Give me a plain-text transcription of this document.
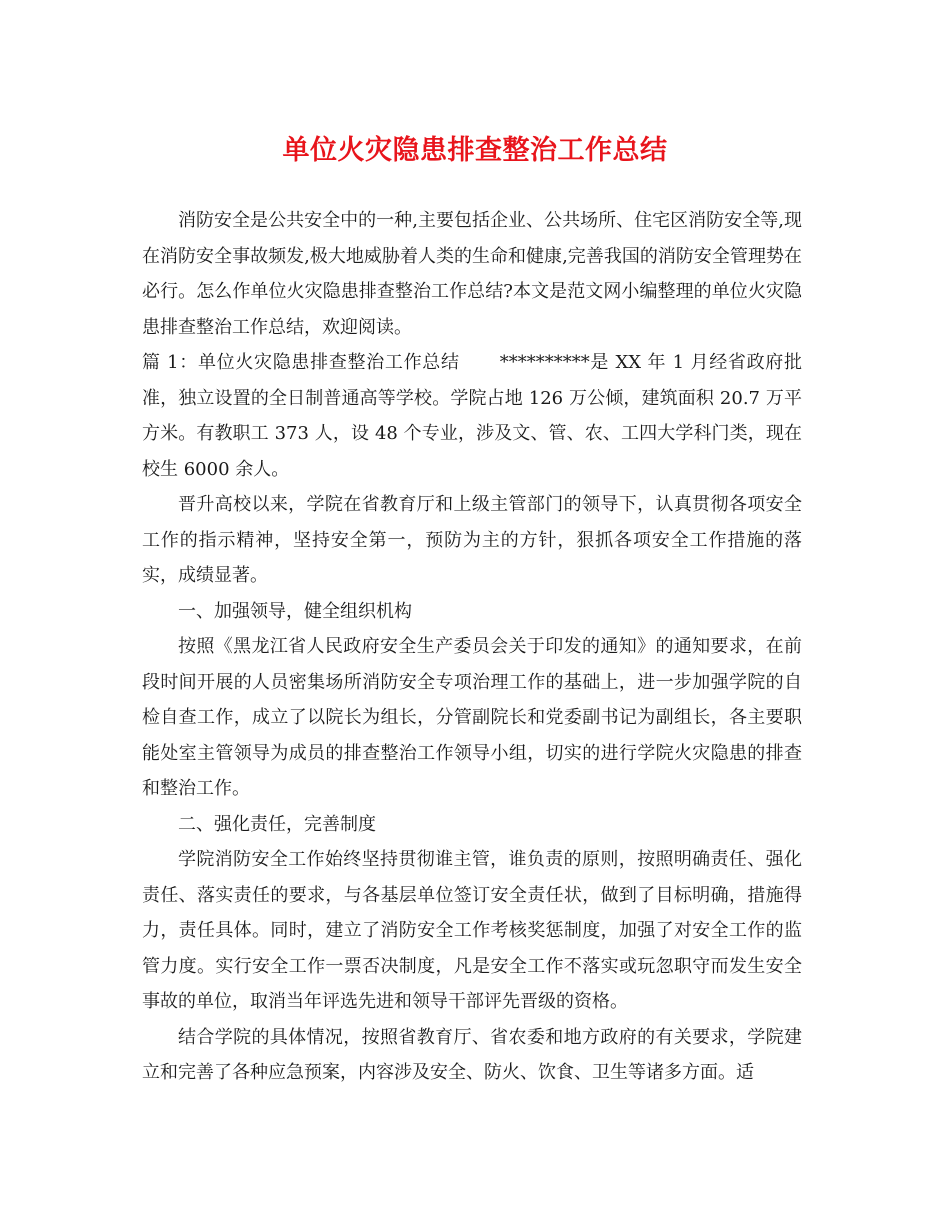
单位火灾隐患排查整治工作总结

消防安全是公共安全中的一种,主要包括企业、公共场所、住宅区消防安全等,现在消防安全事故频发,极大地威胁着人类的生命和健康,完善我国的消防安全管理势在必行。怎么作单位火灾隐患排查整治工作总结?本文是范文网小编整理的单位火灾隐患排查整治工作总结，欢迎阅读。

篇 1：单位火灾隐患排查整治工作总结 **********是 XX 年 1 月经省政府批准，独立设置的全日制普通高等学校。学院占地 126 万公倾，建筑面积 20.7 万平方米。有教职工 373 人，设 48 个专业，涉及文、管、农、工四大学科门类，现在校生 6000 余人。

晋升高校以来，学院在省教育厅和上级主管部门的领导下，认真贯彻各项安全工作的指示精神，坚持安全第一，预防为主的方针，狠抓各项安全工作措施的落实，成绩显著。

一、加强领导，健全组织机构

按照《黑龙江省人民政府安全生产委员会关于印发的通知》的通知要求，在前段时间开展的人员密集场所消防安全专项治理工作的基础上，进一步加强学院的自检自查工作，成立了以院长为组长，分管副院长和党委副书记为副组长，各主要职能处室主管领导为成员的排查整治工作领导小组，切实的进行学院火灾隐患的排查和整治工作。

二、强化责任，完善制度

学院消防安全工作始终坚持贯彻谁主管，谁负责的原则，按照明确责任、强化责任、落实责任的要求，与各基层单位签订安全责任状，做到了目标明确，措施得力，责任具体。同时，建立了消防安全工作考核奖惩制度，加强了对安全工作的监管力度。实行安全工作一票否决制度，凡是安全工作不落实或玩忽职守而发生安全事故的单位，取消当年评选先进和领导干部评先晋级的资格。

结合学院的具体情况，按照省教育厅、省农委和地方政府的有关要求，学院建立和完善了各种应急预案，内容涉及安全、防火、饮食、卫生等诸多方面。适
